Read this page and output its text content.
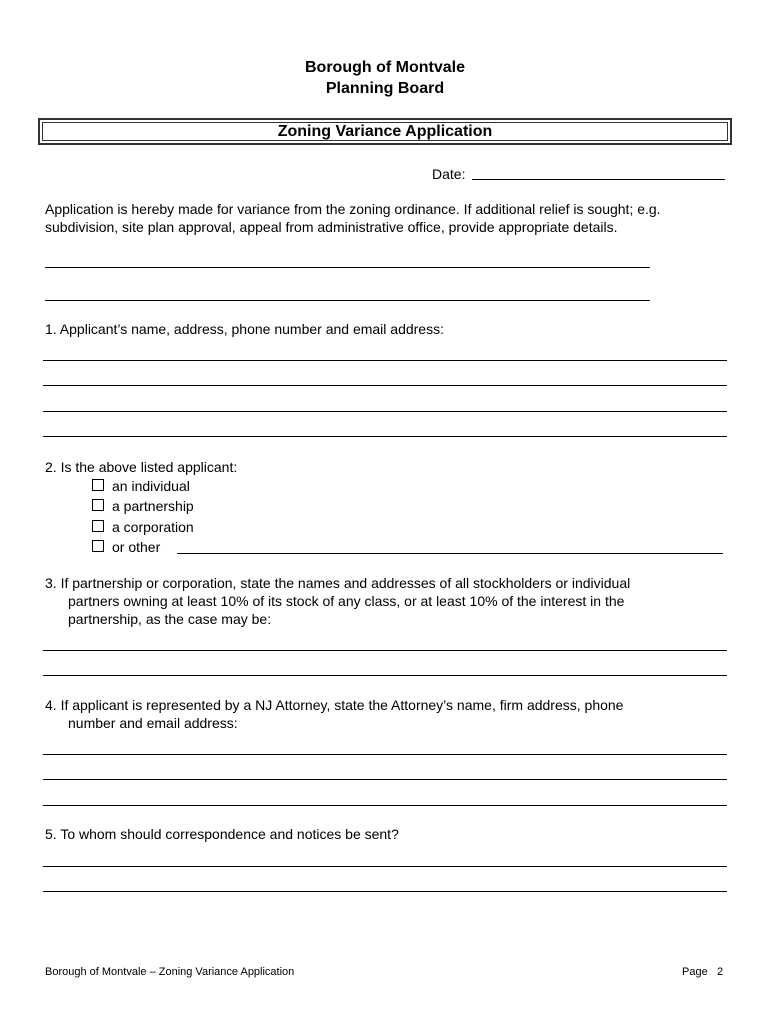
Borough of Montvale
Planning Board
Zoning Variance Application
Date:
Application is hereby made for variance from the zoning ordinance. If additional relief is sought; e.g.
subdivision, site plan approval, appeal from administrative office, provide appropriate details.
1. Applicant’s name, address, phone number and email address:
2. Is the above listed applicant:
an individual
a partnership
a corporation
or other
3. If partnership or corporation, state the names and addresses of all stockholders or individual
partners owning at least 10% of its stock of any class, or at least 10% of the interest in the
partnership, as the case may be:
4. If applicant is represented by a NJ Attorney, state the Attorney’s name, firm address, phone
number and email address:
5. To whom should correspondence and notices be sent?
Borough of Montvale – Zoning Variance Application	Page 2
